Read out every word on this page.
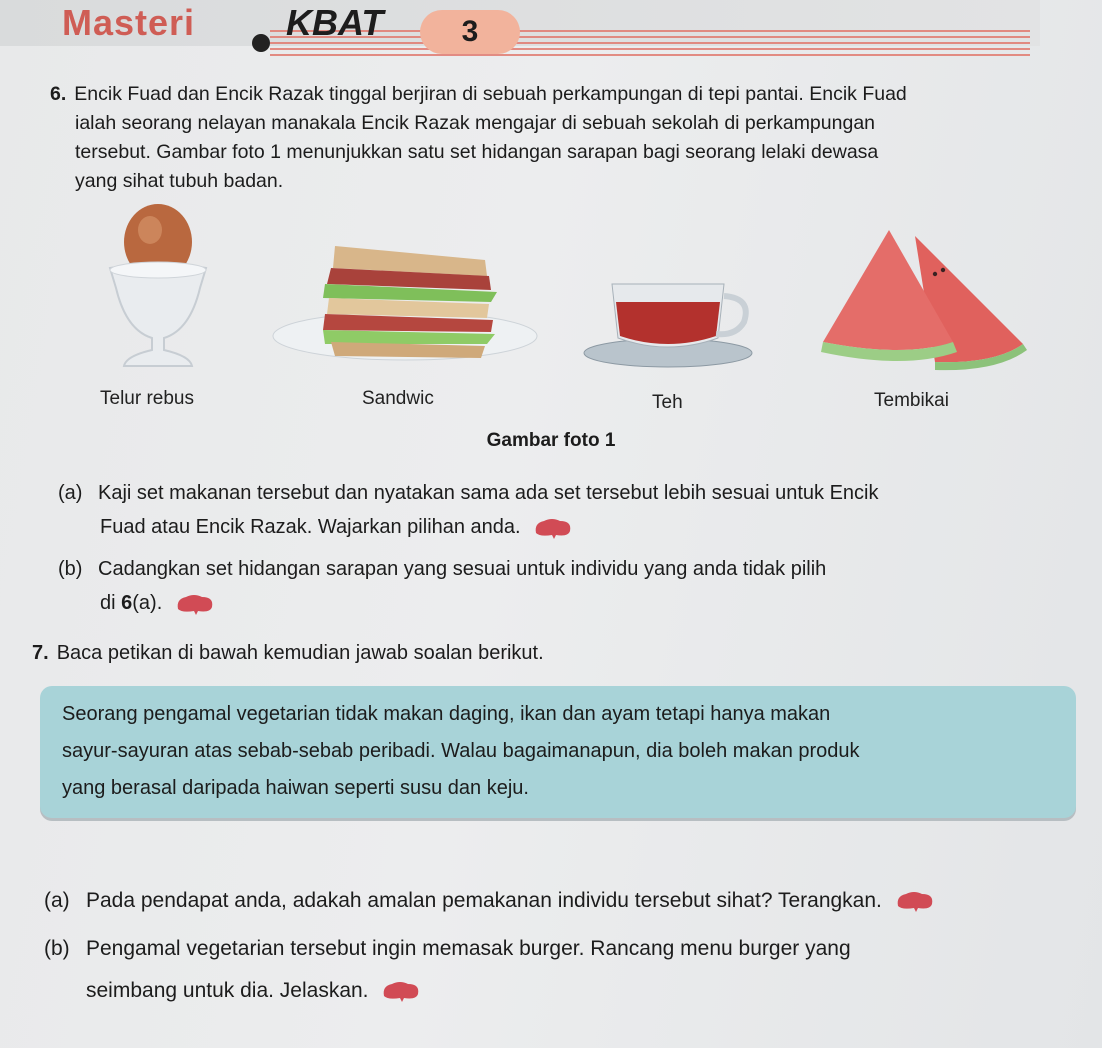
Masteri	KBAT	3
6. Encik Fuad dan Encik Razak tinggal berjiran di sebuah perkampungan di tepi pantai. Encik Fuad
ialah seorang nelayan manakala Encik Razak mengajar di sebuah sekolah di perkampungan
tersebut. Gambar foto 1 menunjukkan satu set hidangan sarapan bagi seorang lelaki dewasa
yang sihat tubuh badan.
Telur rebus	Sandwic	Teh	Tembikai
Gambar foto 1
(a) Kaji set makanan tersebut dan nyatakan sama ada set tersebut lebih sesuai untuk Encik
Fuad atau Encik Razak. Wajarkan pilihan anda.
(b) Cadangkan set hidangan sarapan yang sesuai untuk individu yang anda tidak pilih
di 6(a).
7. Baca petikan di bawah kemudian jawab soalan berikut.
Seorang pengamal vegetarian tidak makan daging, ikan dan ayam tetapi hanya makan
sayur-sayuran atas sebab-sebab peribadi. Walau bagaimanapun, dia boleh makan produk
yang berasal daripada haiwan seperti susu dan keju.
(a) Pada pendapat anda, adakah amalan pemakanan individu tersebut sihat? Terangkan.
(b) Pengamal vegetarian tersebut ingin memasak burger. Rancang menu burger yang
seimbang untuk dia. Jelaskan.
